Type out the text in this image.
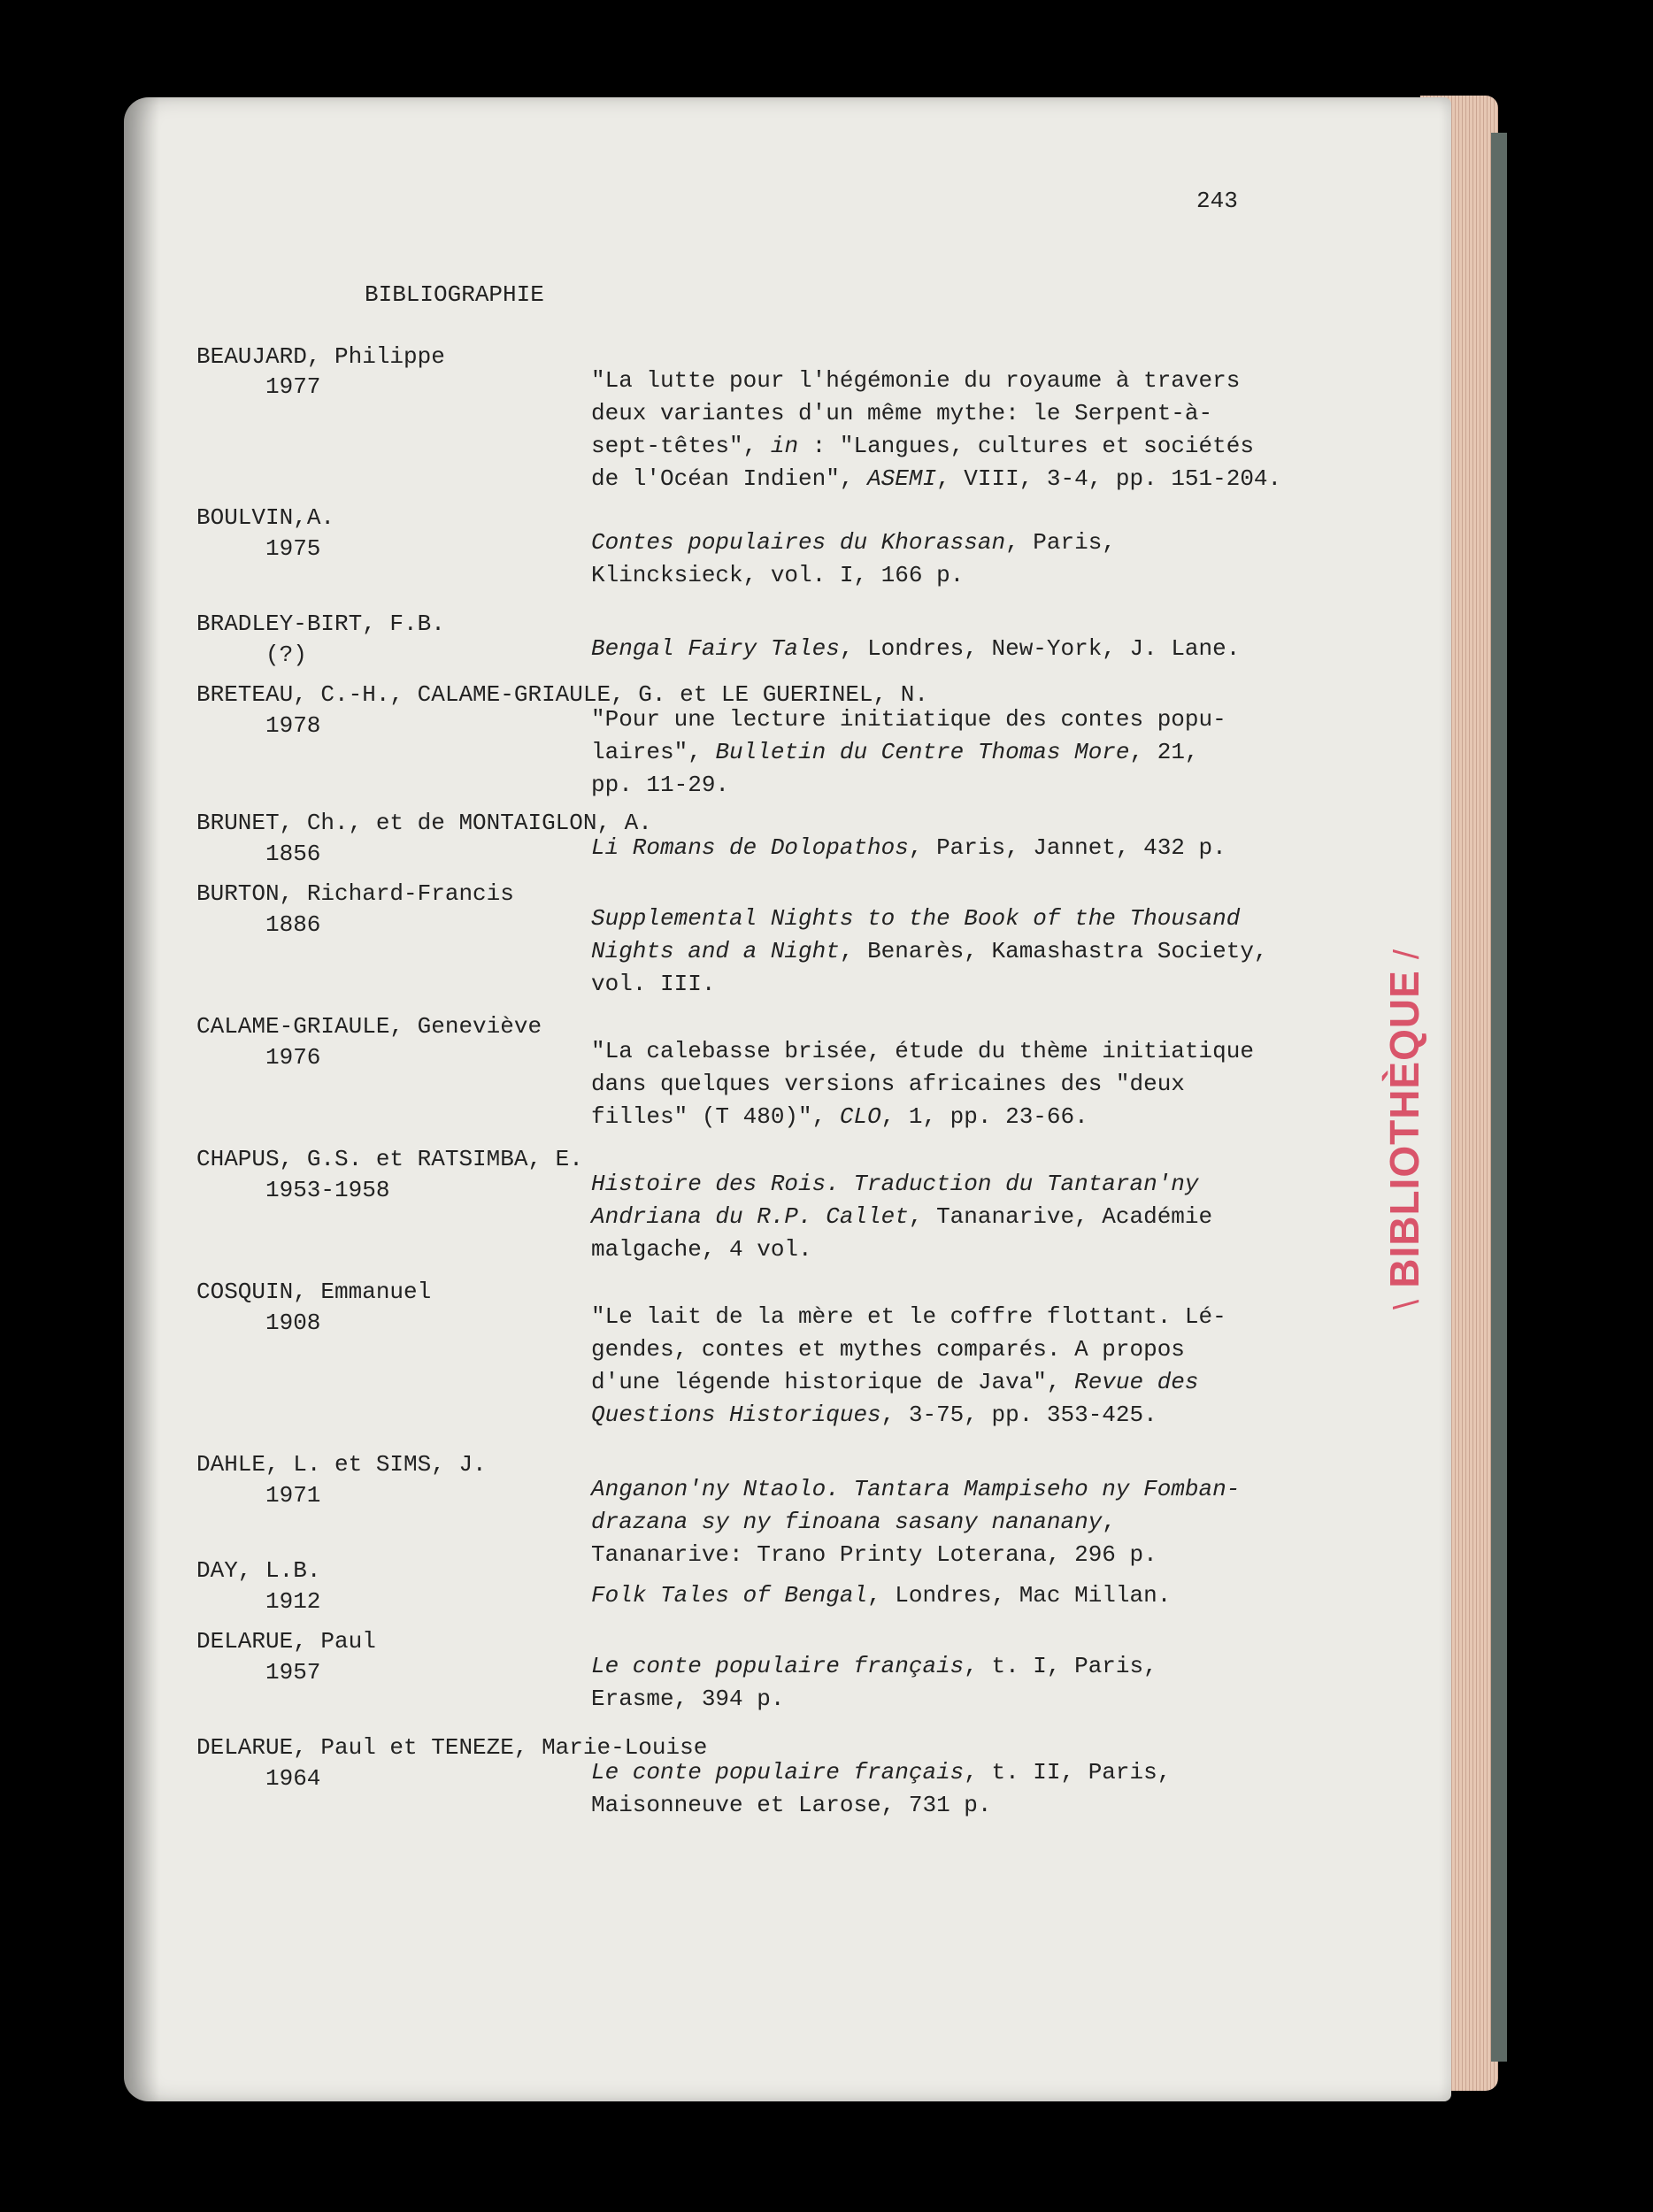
\ BIBLIOTHÈQUE /
243
BIBLIOGRAPHIE
BEAUJARD, Philippe
1977	"La lutte pour l'hégémonie du royaume à travers
deux variantes d'un même mythe: le Serpent-à-
sept-têtes", in : "Langues, cultures et sociétés
de l'Océan Indien", ASEMI, VIII, 3-4, pp. 151-204.
BOULVIN,A.
1975	Contes populaires du Khorassan, Paris,
Klincksieck, vol. I, 166 p.
BRADLEY-BIRT, F.B.
(?)	Bengal Fairy Tales, Londres, New-York, J. Lane.
BRETEAU, C.-H., CALAME-GRIAULE, G. et LE GUERINEL, N.
1978	"Pour une lecture initiatique des contes popu-
laires", Bulletin du Centre Thomas More, 21,
pp. 11-29.
BRUNET, Ch., et de MONTAIGLON, A.
1856	Li Romans de Dolopathos, Paris, Jannet, 432 p.
BURTON, Richard-Francis
1886	Supplemental Nights to the Book of the Thousand
Nights and a Night, Benarès, Kamashastra Society,
vol. III.
CALAME-GRIAULE, Geneviève
1976	"La calebasse brisée, étude du thème initiatique
dans quelques versions africaines des "deux
filles" (T 480)", CLO, 1, pp. 23-66.
CHAPUS, G.S. et RATSIMBA, E.
1953-1958	Histoire des Rois. Traduction du Tantaran'ny
Andriana du R.P. Callet, Tananarive, Académie
malgache, 4 vol.
COSQUIN, Emmanuel
1908	"Le lait de la mère et le coffre flottant. Lé-
gendes, contes et mythes comparés. A propos
d'une légende historique de Java", Revue des
Questions Historiques, 3-75, pp. 353-425.
DAHLE, L. et SIMS, J.
1971	Anganon'ny Ntaolo. Tantara Mampiseho ny Fomban-
drazana sy ny finoana sasany nananany,
Tananarive: Trano Printy Loterana, 296 p.
DAY, L.B.
1912	Folk Tales of Bengal, Londres, Mac Millan.
DELARUE, Paul
1957	Le conte populaire français, t. I, Paris,
Erasme, 394 p.
DELARUE, Paul et TENEZE, Marie-Louise
1964	Le conte populaire français, t. II, Paris,
Maisonneuve et Larose, 731 p.
